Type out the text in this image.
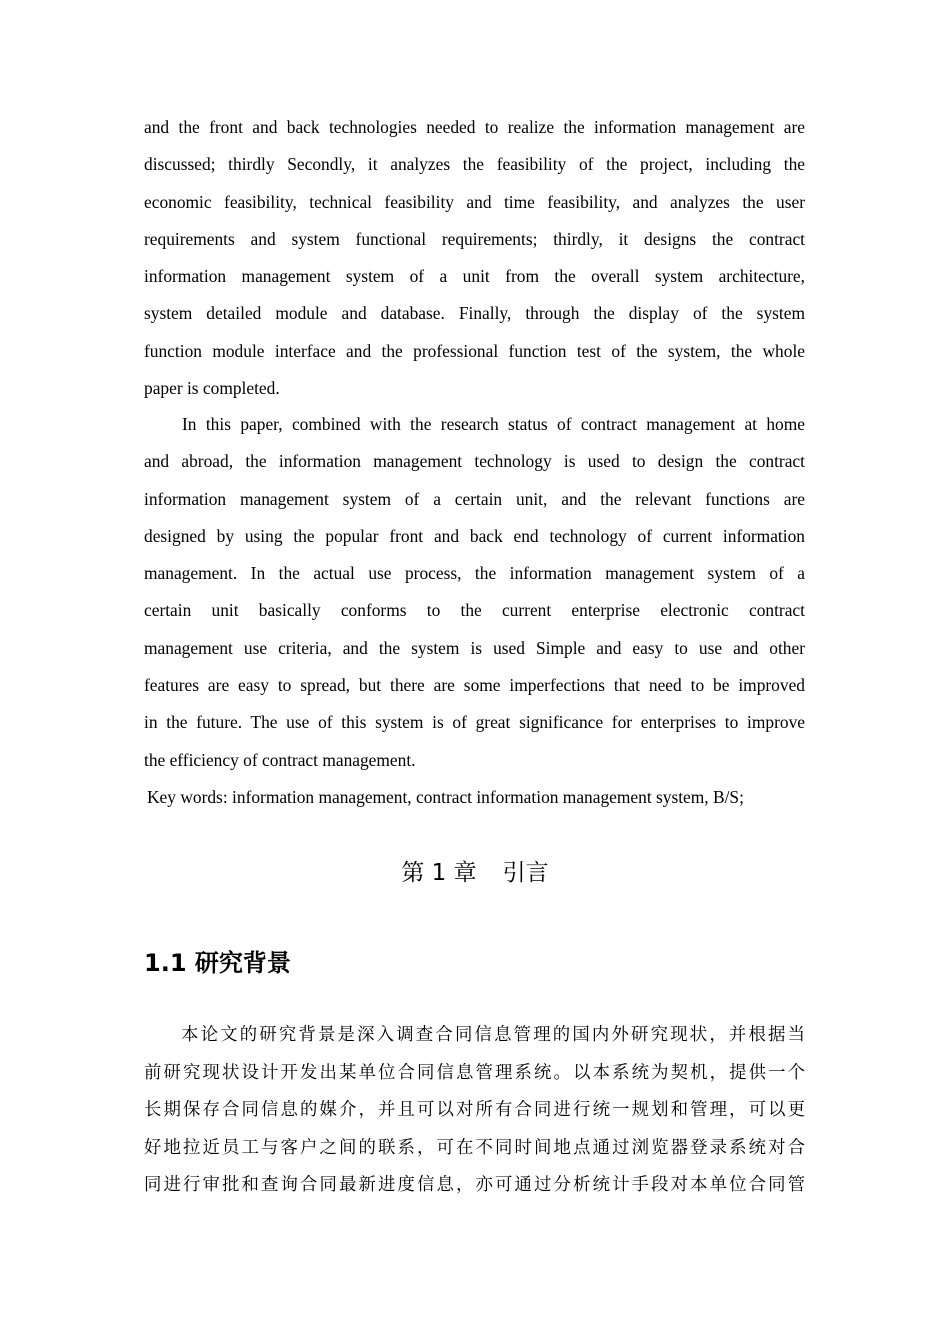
and the front and back technologies needed to realize the information management are
discussed; thirdly Secondly, it analyzes the feasibility of the project, including the
economic feasibility, technical feasibility and time feasibility, and analyzes the user
requirements and system functional requirements; thirdly, it designs the contract
information management system of a unit from the overall system architecture,
system detailed module and database. Finally, through the display of the system
function module interface and the professional function test of the system, the whole
paper is completed.
In this paper, combined with the research status of contract management at home
and abroad, the information management technology is used to design the contract
information management system of a certain unit, and the relevant functions are
designed by using the popular front and back end technology of current information
management. In the actual use process, the information management system of a
certain unit basically conforms to the current enterprise electronic contract
management use criteria, and the system is used Simple and easy to use and other
features are easy to spread, but there are some imperfections that need to be improved
in the future. The use of this system is of great significance for enterprises to improve
the efficiency of contract management.
Key words: information management, contract information management system, B/S;
第 1 章 引言
1.1 研究背景
本论文的研究背景是深入调查合同信息管理的国内外研究现状，并根据当
前研究现状设计开发出某单位合同信息管理系统。以本系统为契机，提供一个
长期保存合同信息的媒介，并且可以对所有合同进行统一规划和管理，可以更
好地拉近员工与客户之间的联系，可在不同时间地点通过浏览器登录系统对合
同进行审批和查询合同最新进度信息，亦可通过分析统计手段对本单位合同管
